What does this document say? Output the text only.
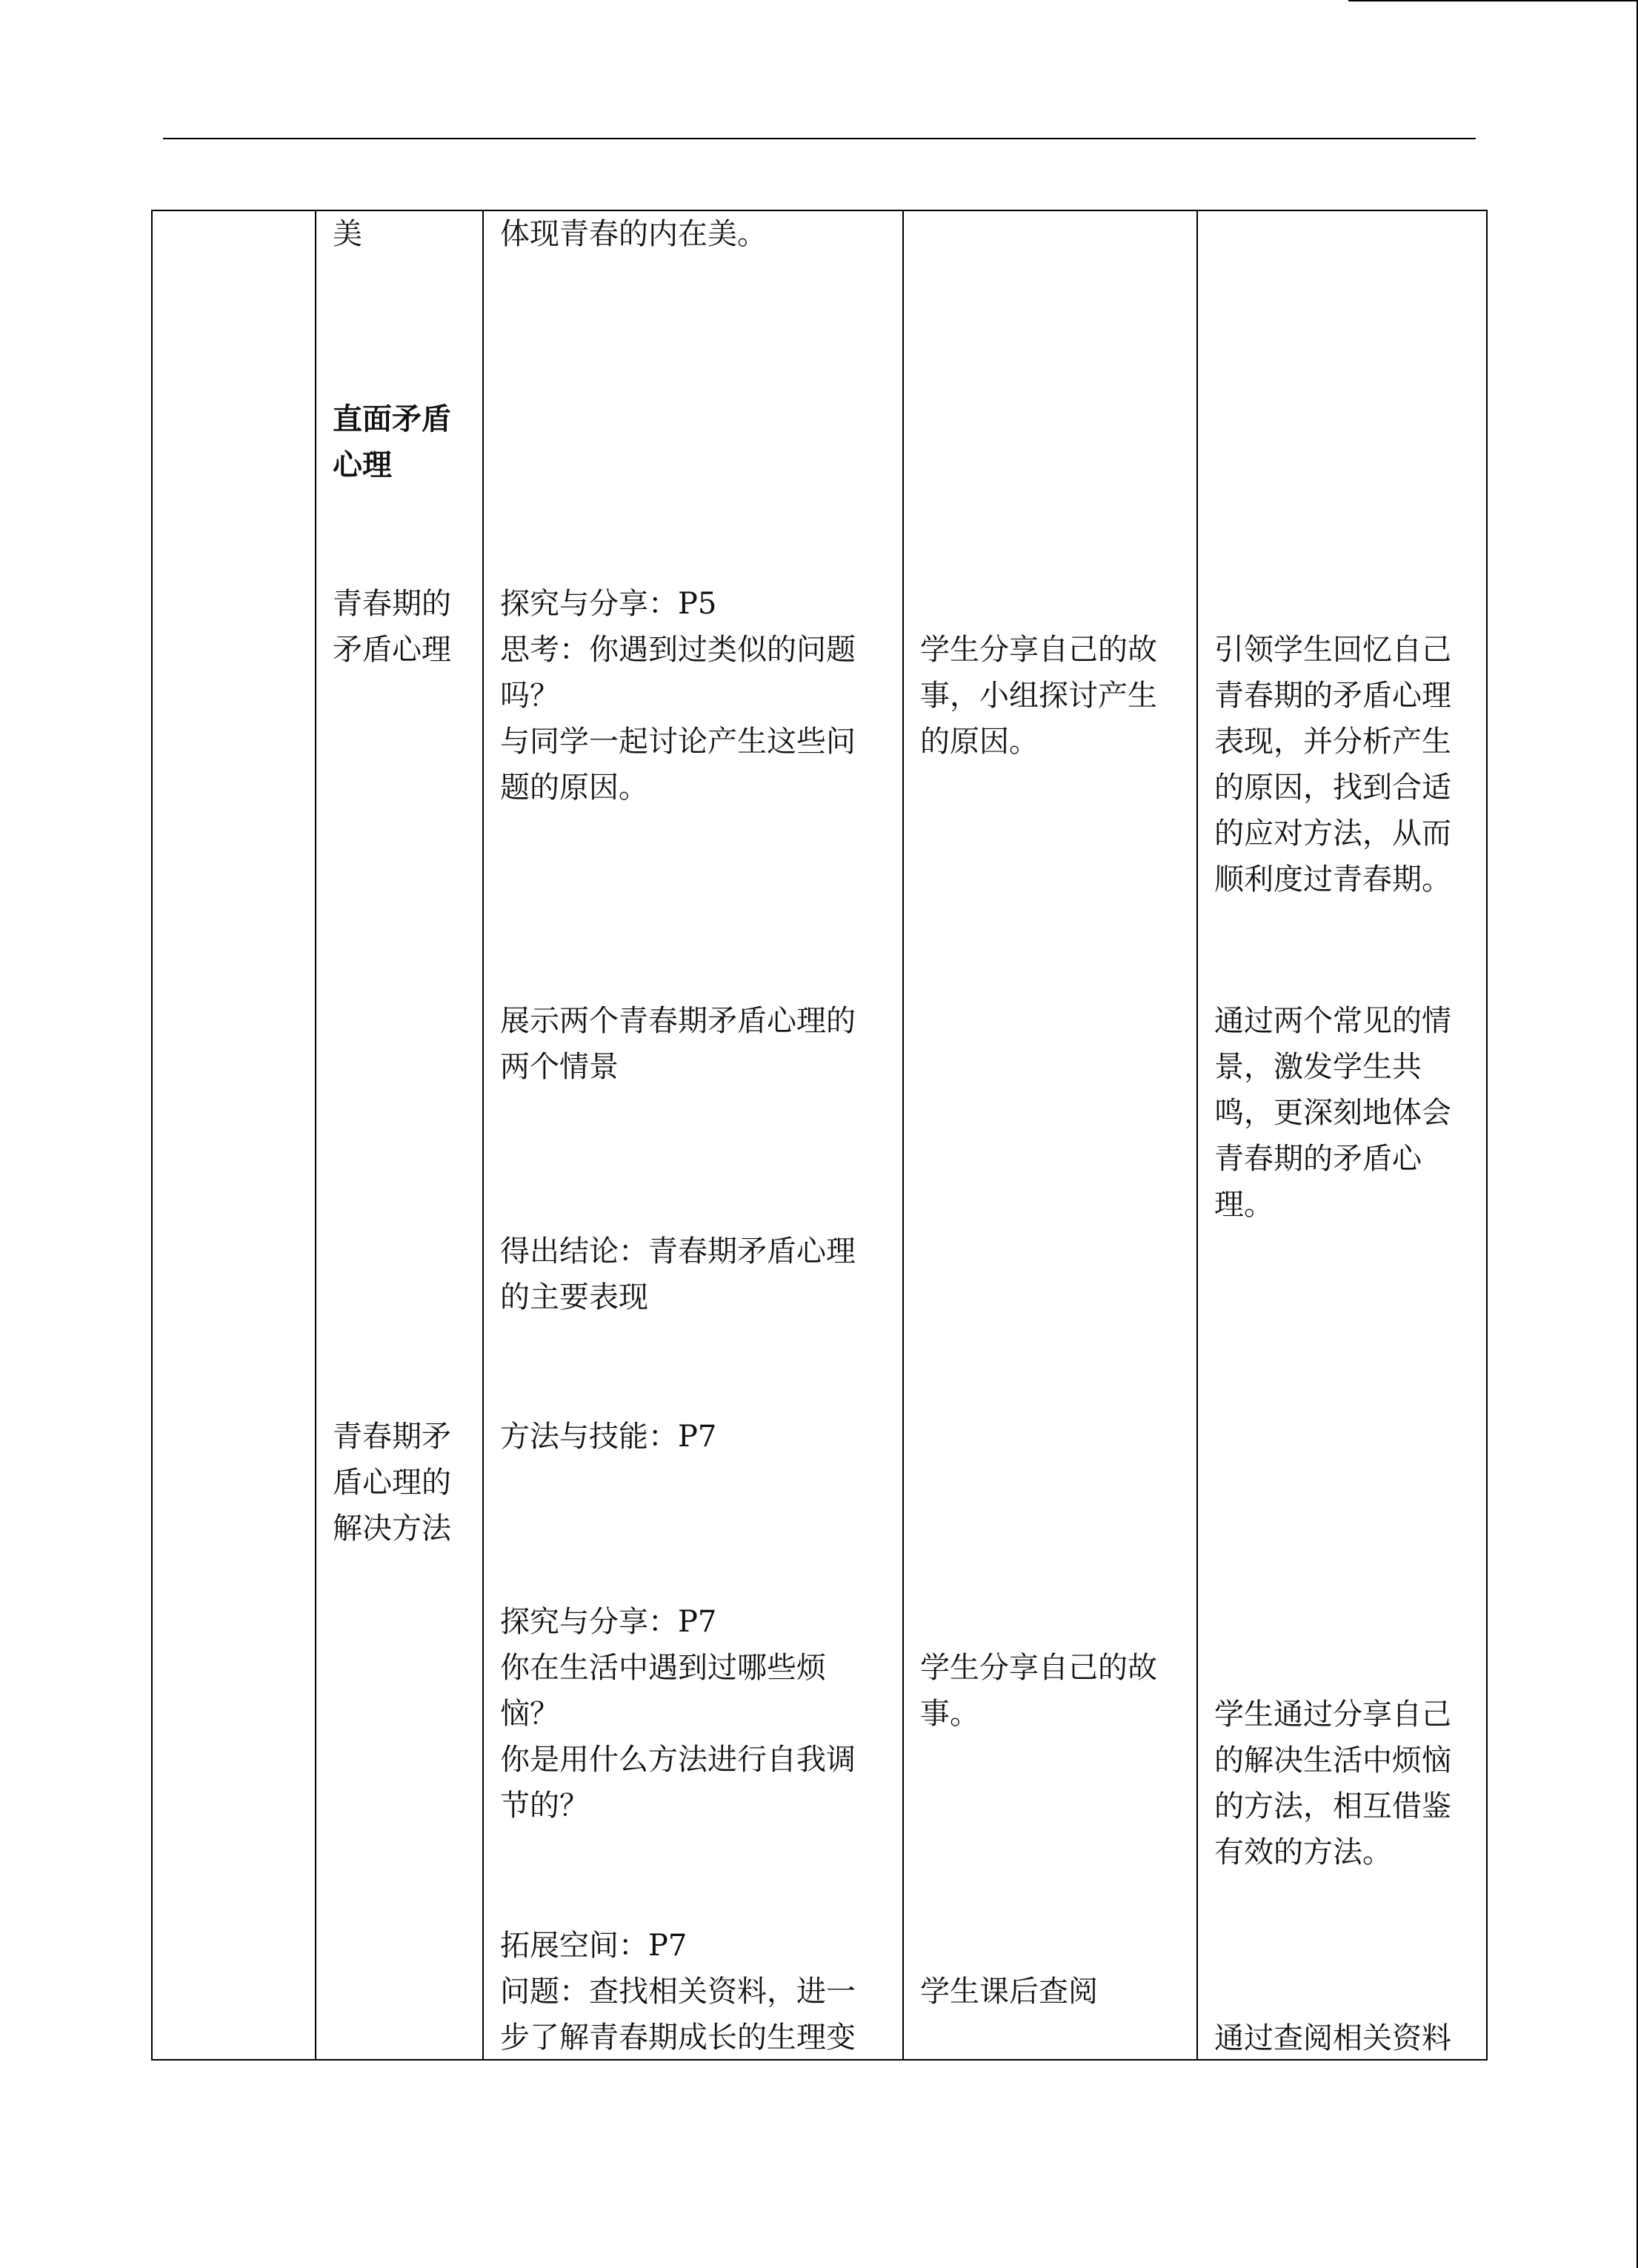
美
直面矛盾
心理
青春期的
矛盾心理
青春期矛
盾心理的
解决方法
体现青春的内在美。
探究与分享：P5
思考：你遇到过类似的问题
吗？
与同学一起讨论产生这些问
题的原因。
展示两个青春期矛盾心理的
两个情景
得出结论：青春期矛盾心理
的主要表现
方法与技能：P7
探究与分享：P7
你在生活中遇到过哪些烦
恼？
你是用什么方法进行自我调
节的？
拓展空间：P7
问题：查找相关资料，进一
步了解青春期成长的生理变
学生分享自己的故
事，小组探讨产生
的原因。
学生分享自己的故
事。
学生课后查阅
引领学生回忆自己
青春期的矛盾心理
表现，并分析产生
的原因，找到合适
的应对方法，从而
顺利度过青春期。
通过两个常见的情
景，激发学生共
鸣，更深刻地体会
青春期的矛盾心
理。
学生通过分享自己
的解决生活中烦恼
的方法，相互借鉴
有效的方法。
通过查阅相关资料
